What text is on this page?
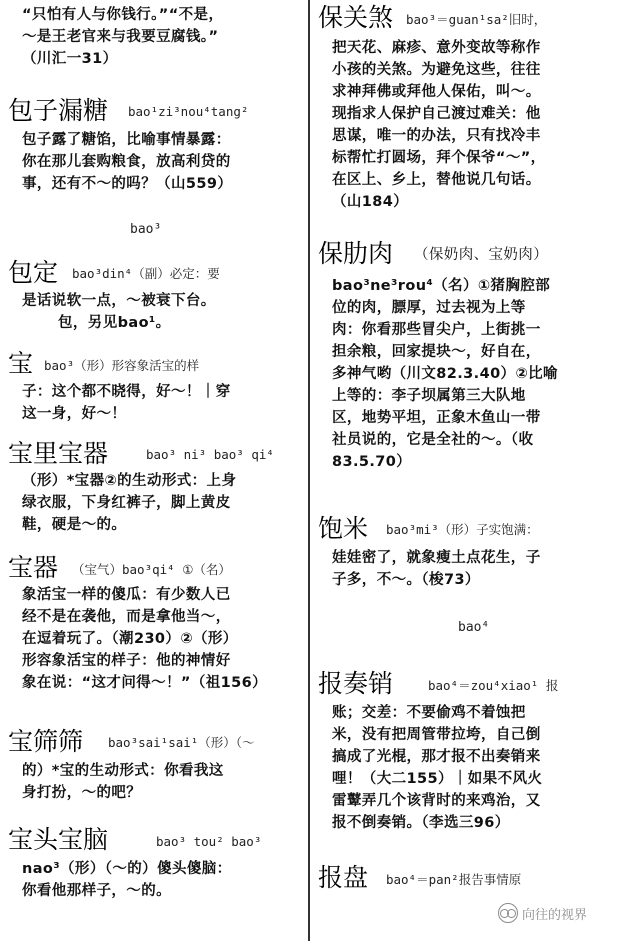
“只怕有人与你钱行。”“不是，
～是王老官来与我要豆腐钱。”
（川汇一31）
包子漏糖 bao¹zi³nou⁴tang²
包子露了糖馅，比喻事情暴露：
你在那儿套购粮食，放高利贷的
事，还有不～的吗？（山559）
bao³
包定 bao³din⁴（副）必定：要
是话说软一点，～被衰下台。
包，另见bao¹。
宝 bao³（形）形容象活宝的样
子：这个都不晓得，好～！｜穿
这一身，好～！
宝里宝器	bao³ ni³ bao³ qi⁴
（形）*宝器②的生动形式：上身
绿衣服，下身红裤子，脚上黄皮
鞋，硬是～的。
宝器 （宝气）bao³qi⁴ ①（名）
象活宝一样的傻瓜：有少数人已
经不是在袭他，而是拿他当～，
在逗着玩了。（潮230）②（形）
形容象活宝的样子：他的神情好
象在说：“这才问得～！”（祖156）
宝筛筛 bao³sai¹sai¹（形）（～
的）*宝的生动形式：你看我这
身打扮，～的吧？
宝头宝脑	bao³ tou² bao³
nao³（形）（～的）傻头傻脑：
你看他那样子，～的。
保关煞 bao³＝guan¹sa²旧时，
把天花、麻疹、意外变故等称作
小孩的关煞。为避免这些，往往
求神拜佛或拜他人保佑，叫～。
现指求人保护自己渡过难关：他
思谋，唯一的办法，只有找冷丰
标帮忙打圆场，拜个保爷“～”，
在区上、乡上，替他说几句话。
（山184）
保肋肉 （保奶肉、宝奶肉）
bao³ne³rou⁴（名）①猪胸腔部
位的肉，膘厚，过去视为上等
肉：你看那些冒尖户，上街挑一
担余粮，回家提块～，好自在，
多神气哟（川文82.3.40）②比喻
上等的：李子坝属第三大队地
区，地势平坦，正象木鱼山一带
社员说的，它是全社的～。（收
83.5.70）
饱米 bao³mi³（形）子实饱满：
娃娃密了，就象瘦土点花生，子
子多，不～。（梭73）
bao⁴
报奏销	bao⁴＝zou⁴xiao¹ 报
账；交差：不要偷鸡不着蚀把
米，没有把周管带拉垮，自己倒
搞成了光棍，那才报不出奏销来
哩！（大二155）｜如果不风火
雷鼙弄几个该背时的来鸡治，又
报不倒奏销。（李选三96）
报盘 bao⁴＝pan²报告事情原
向往的视界
